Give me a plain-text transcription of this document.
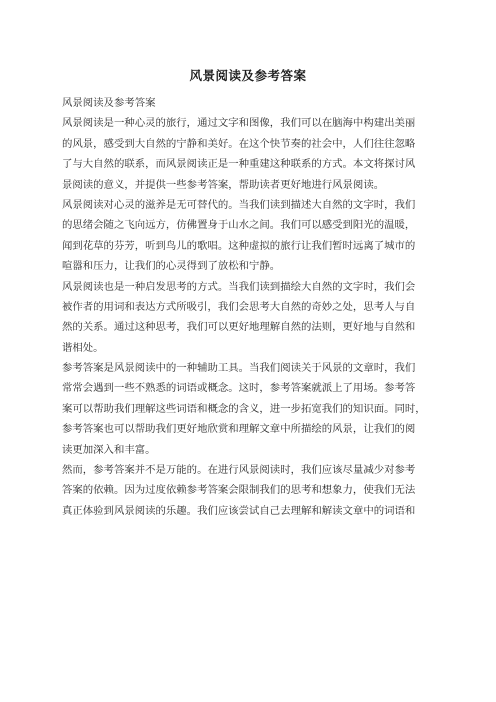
风景阅读及参考答案
风景阅读及参考答案
风景阅读是一种心灵的旅行，通过文字和图像，我们可以在脑海中构建出美丽
的风景，感受到大自然的宁静和美好。在这个快节奏的社会中，人们往往忽略
了与大自然的联系，而风景阅读正是一种重建这种联系的方式。本文将探讨风
景阅读的意义，并提供一些参考答案，帮助读者更好地进行风景阅读。
风景阅读对心灵的滋养是无可替代的。当我们读到描述大自然的文字时，我们
的思绪会随之飞向远方，仿佛置身于山水之间。我们可以感受到阳光的温暖，
闻到花草的芬芳，听到鸟儿的歌唱。这种虚拟的旅行让我们暂时远离了城市的
喧嚣和压力，让我们的心灵得到了放松和宁静。
风景阅读也是一种启发思考的方式。当我们读到描绘大自然的文字时，我们会
被作者的用词和表达方式所吸引，我们会思考大自然的奇妙之处，思考人与自
然的关系。通过这种思考，我们可以更好地理解自然的法则，更好地与自然和
谐相处。
参考答案是风景阅读中的一种辅助工具。当我们阅读关于风景的文章时，我们
常常会遇到一些不熟悉的词语或概念。这时，参考答案就派上了用场。参考答
案可以帮助我们理解这些词语和概念的含义，进一步拓宽我们的知识面。同时，
参考答案也可以帮助我们更好地欣赏和理解文章中所描绘的风景，让我们的阅
读更加深入和丰富。
然而，参考答案并不是万能的。在进行风景阅读时，我们应该尽量减少对参考
答案的依赖。因为过度依赖参考答案会限制我们的思考和想象力，使我们无法
真正体验到风景阅读的乐趣。我们应该尝试自己去理解和解读文章中的词语和
